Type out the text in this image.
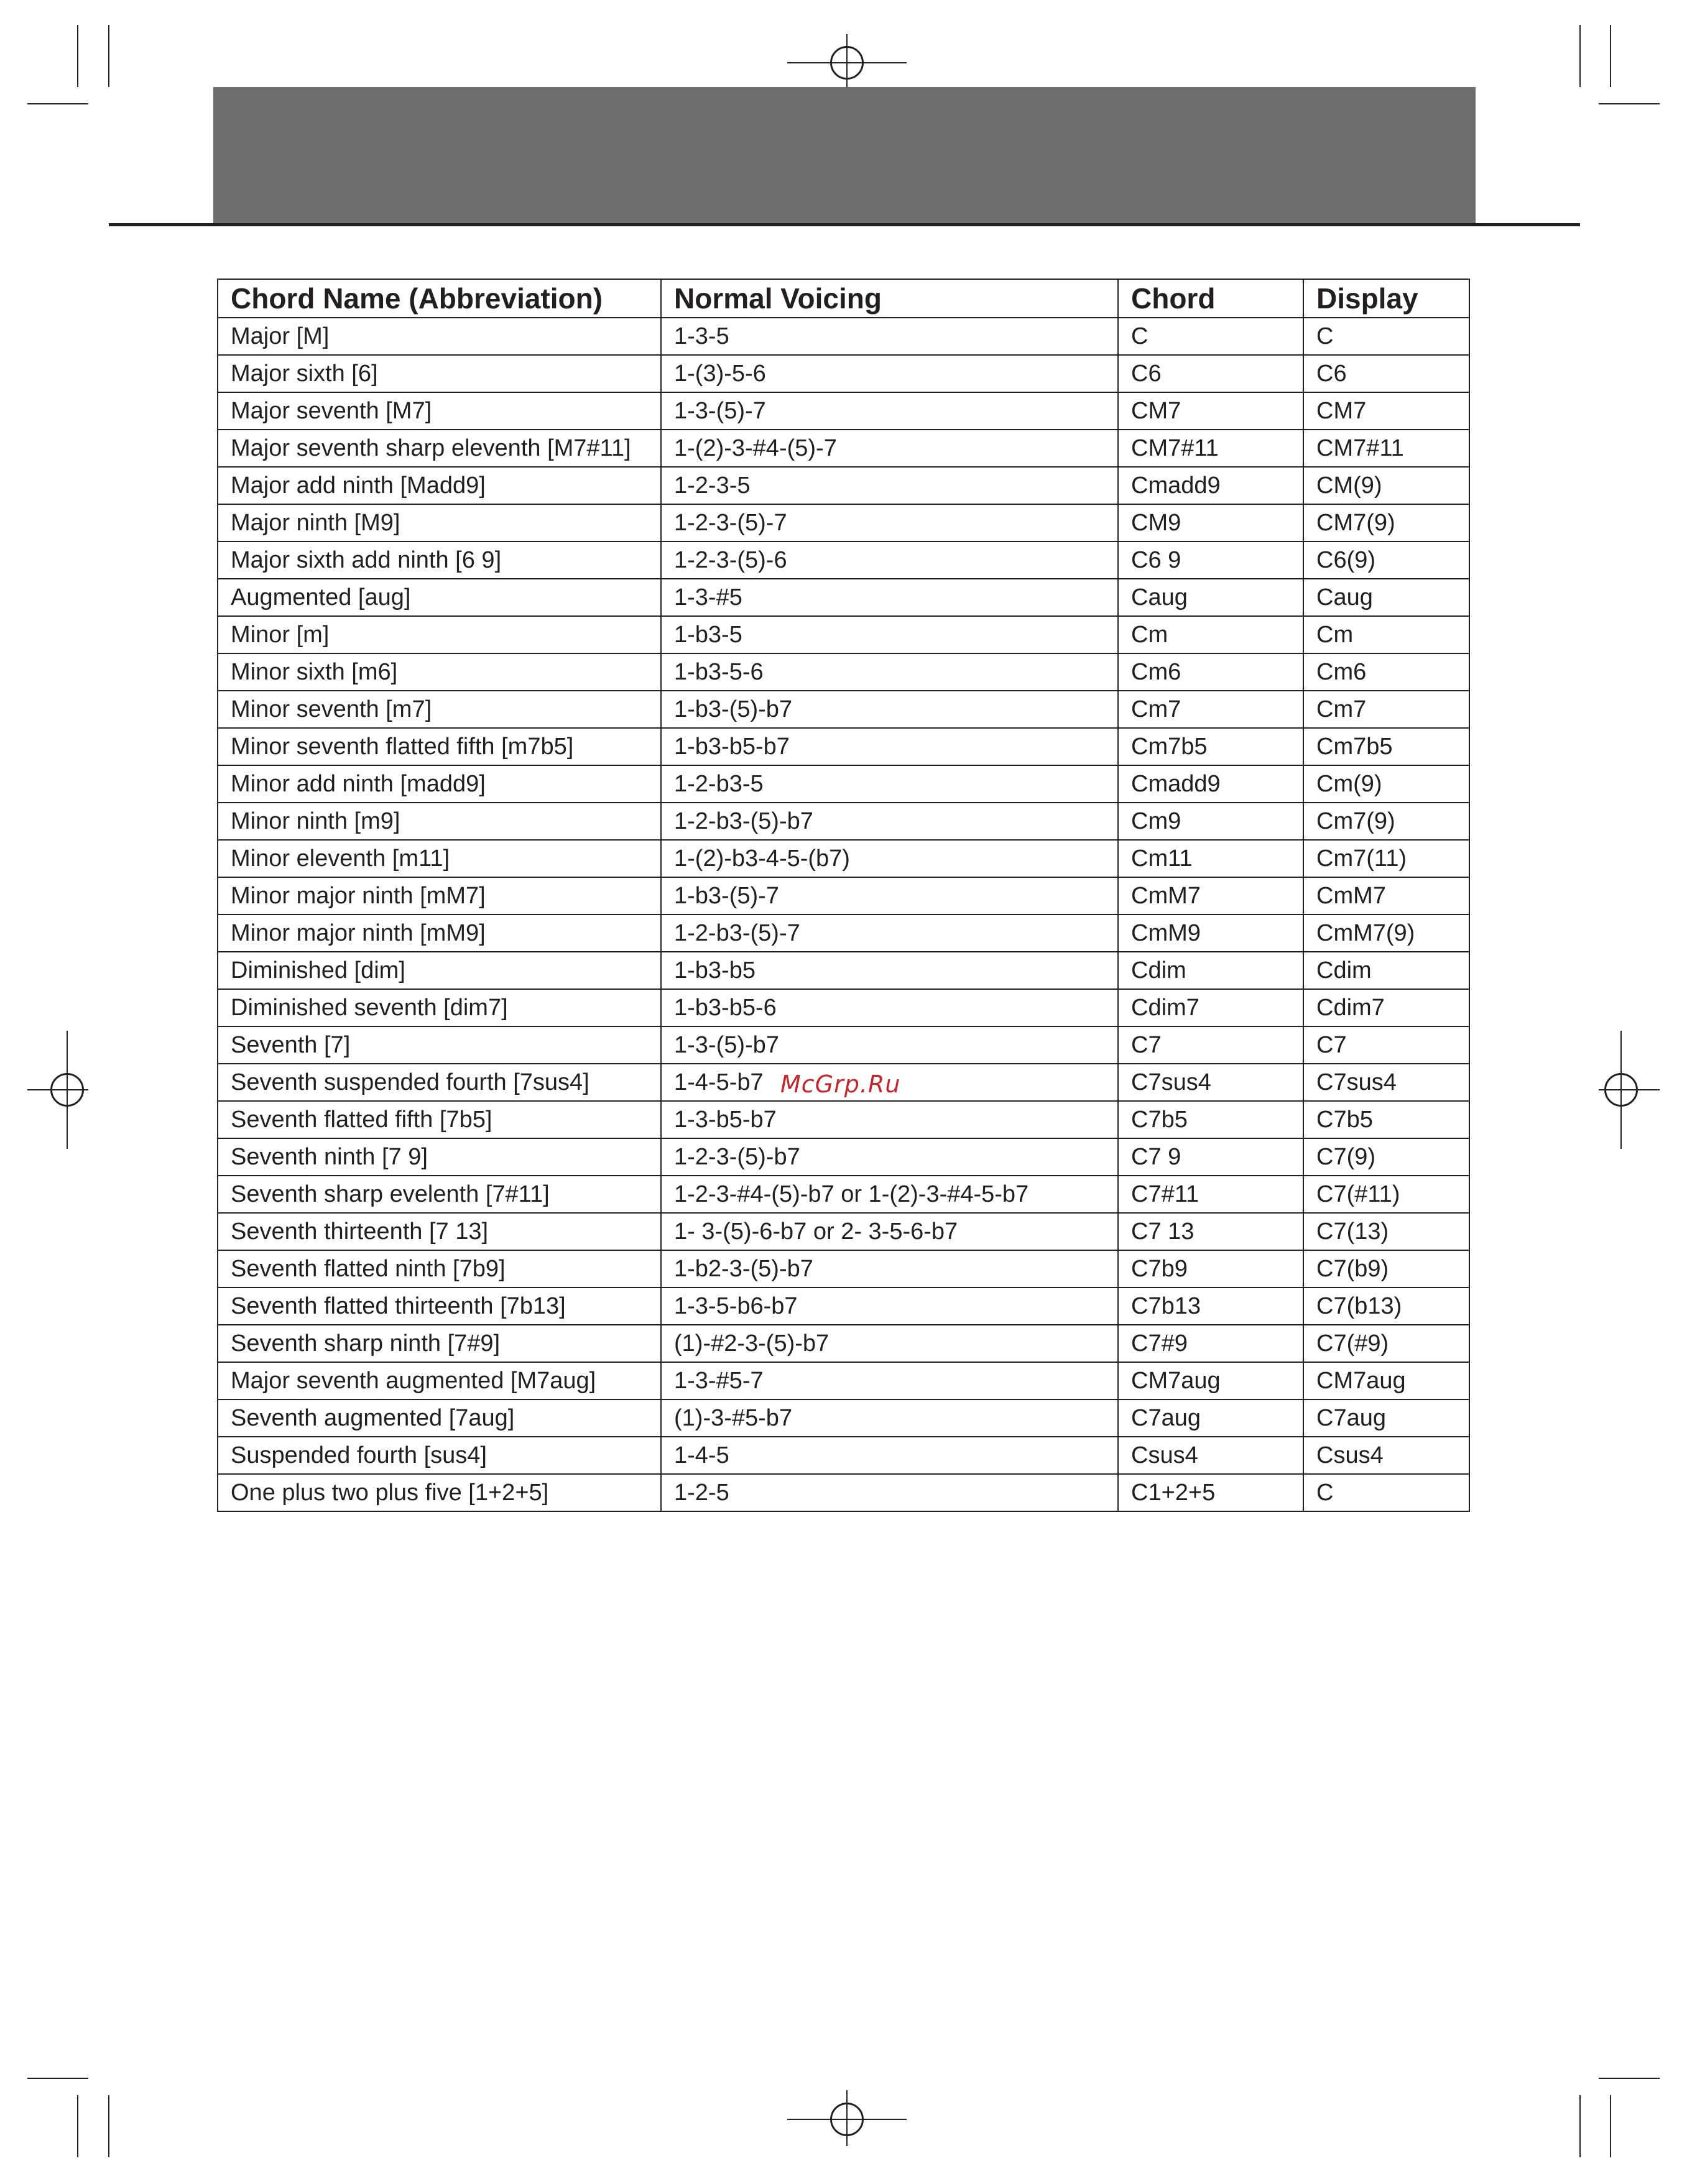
Chord Name (Abbreviation)	Normal Voicing	Chord	Display
Major [M]	1-3-5	C	C
Major sixth [6]	1-(3)-5-6	C6	C6
Major seventh [M7]	1-3-(5)-7	CM7	CM7
Major seventh sharp eleventh [M7#11]	1-(2)-3-#4-(5)-7	CM7#11	CM7#11
Major add ninth [Madd9]	1-2-3-5	Cmadd9	CM(9)
Major ninth [M9]	1-2-3-(5)-7	CM9	CM7(9)
Major sixth add ninth [6 9]	1-2-3-(5)-6	C6 9	C6(9)
Augmented [aug]	1-3-#5	Caug	Caug
Minor [m]	1-b3-5	Cm	Cm
Minor sixth [m6]	1-b3-5-6	Cm6	Cm6
Minor seventh [m7]	1-b3-(5)-b7	Cm7	Cm7
Minor seventh flatted fifth [m7b5]	1-b3-b5-b7	Cm7b5	Cm7b5
Minor add ninth [madd9]	1-2-b3-5	Cmadd9	Cm(9)
Minor ninth [m9]	1-2-b3-(5)-b7	Cm9	Cm7(9)
Minor eleventh [m11]	1-(2)-b3-4-5-(b7)	Cm11	Cm7(11)
Minor major ninth [mM7]	1-b3-(5)-7	CmM7	CmM7
Minor major ninth [mM9]	1-2-b3-(5)-7	CmM9	CmM7(9)
Diminished [dim]	1-b3-b5	Cdim	Cdim
Diminished seventh [dim7]	1-b3-b5-6	Cdim7	Cdim7
Seventh [7]	1-3-(5)-b7	C7	C7
Seventh suspended fourth [7sus4]	1-4-5-b7	C7sus4	C7sus4
Seventh flatted fifth [7b5]	1-3-b5-b7	C7b5	C7b5
Seventh ninth [7 9]	1-2-3-(5)-b7	C7 9	C7(9)
Seventh sharp evelenth [7#11]	1-2-3-#4-(5)-b7 or 1-(2)-3-#4-5-b7	C7#11	C7(#11)
Seventh thirteenth [7 13]	1- 3-(5)-6-b7 or 2- 3-5-6-b7	C7 13	C7(13)
Seventh flatted ninth [7b9]	1-b2-3-(5)-b7	C7b9	C7(b9)
Seventh flatted thirteenth [7b13]	1-3-5-b6-b7	C7b13	C7(b13)
Seventh sharp ninth [7#9]	(1)-#2-3-(5)-b7	C7#9	C7(#9)
Major seventh augmented [M7aug]	1-3-#5-7	CM7aug	CM7aug
Seventh augmented [7aug]	(1)-3-#5-b7	C7aug	C7aug
Suspended fourth [sus4]	1-4-5	Csus4	Csus4
One plus two plus five [1+2+5]	1-2-5	C1+2+5	C
McGrp.Ru
